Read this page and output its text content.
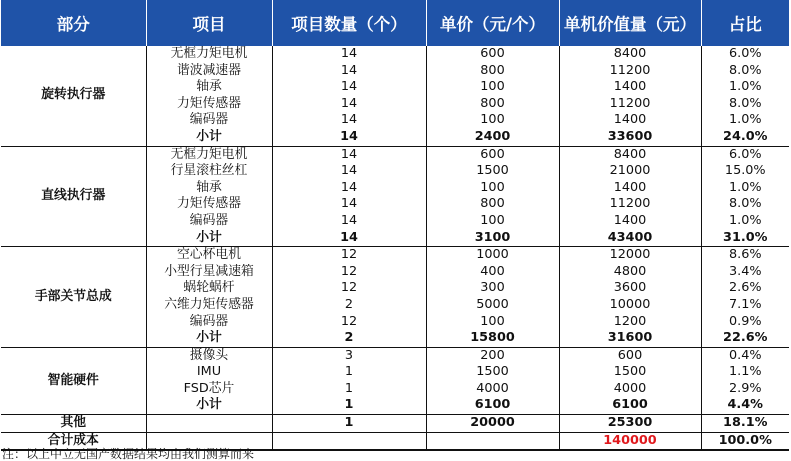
部分	项目	项目数量（个）	单价（元/个）	单机价值量（元）	占比
旋转执行器	无框力矩电机	14	600	8400	6.0%
	谐波减速器	14	800	11200	8.0%
	轴承	14	100	1400	1.0%
	力矩传感器	14	800	11200	8.0%
	编码器	14	100	1400	1.0%
	小计	14	2400	33600	24.0%
直线执行器	无框力矩电机	14	600	8400	6.0%
	行星滚柱丝杠	14	1500	21000	15.0%
	轴承	14	100	1400	1.0%
	力矩传感器	14	800	11200	8.0%
	编码器	14	100	1400	1.0%
	小计	14	3100	43400	31.0%
手部关节总成	空心杯电机	12	1000	12000	8.6%
	小型行星减速箱	12	400	4800	3.4%
	蜗轮蜗杆	12	300	3600	2.6%
	六维力矩传感器	2	5000	10000	7.1%
	编码器	12	100	1200	0.9%
	小计	2	15800	31600	22.6%
智能硬件	摄像头	3	200	600	0.4%
	IMU	1	1500	1500	1.1%
	FSD芯片	1	4000	4000	2.9%
	小计	1	6100	6100	4.4%
其他		1	20000	25300	18.1%
合计成本				140000	100.0%
注：以上中立无国产数据结果均由我们测算而来
